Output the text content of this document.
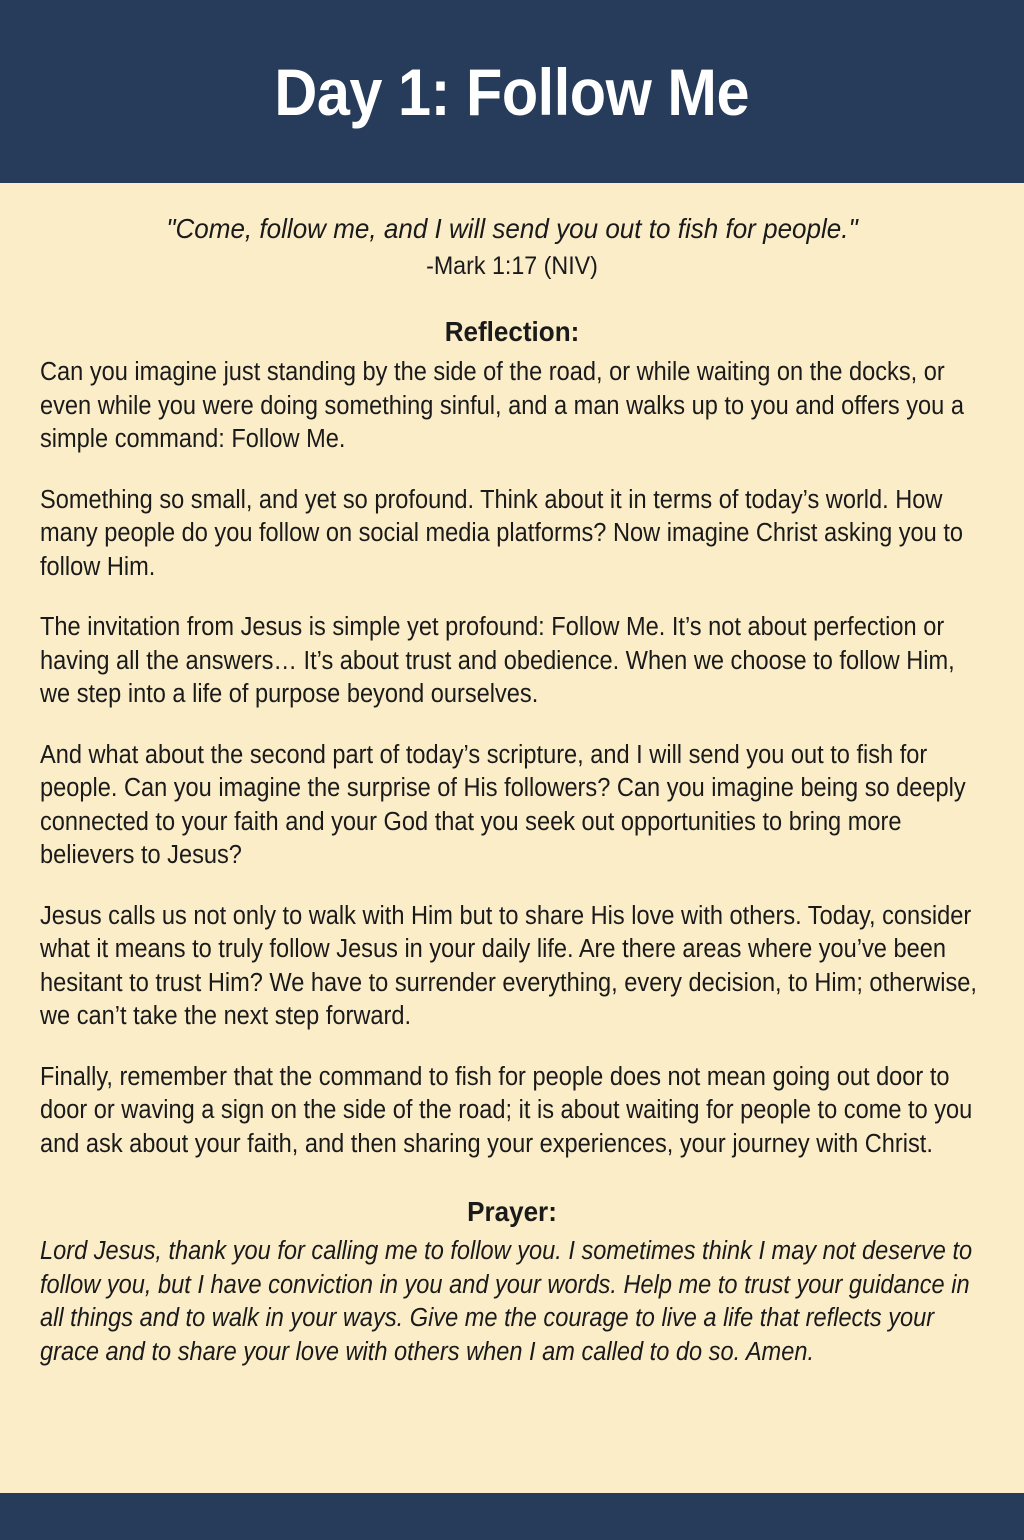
Day 1: Follow Me

"Come, follow me, and I will send you out to fish for people."

-Mark 1:17 (NIV)

Reflection:

Can you imagine just standing by the side of the road, or while waiting on the docks, or even while you were doing something sinful, and a man walks up to you and offers you a simple command: Follow Me.

Something so small, and yet so profound. Think about it in terms of today’s world. How many people do you follow on social media platforms? Now imagine Christ asking you to follow Him.

The invitation from Jesus is simple yet profound: Follow Me. It’s not about perfection or having all the answers… It’s about trust and obedience. When we choose to follow Him, we step into a life of purpose beyond ourselves.

And what about the second part of today’s scripture, and I will send you out to fish for people. Can you imagine the surprise of His followers? Can you imagine being so deeply connected to your faith and your God that you seek out opportunities to bring more believers to Jesus?

Jesus calls us not only to walk with Him but to share His love with others. Today, consider what it means to truly follow Jesus in your daily life. Are there areas where you’ve been hesitant to trust Him? We have to surrender everything, every decision, to Him; otherwise, we can’t take the next step forward.

Finally, remember that the command to fish for people does not mean going out door to door or waving a sign on the side of the road; it is about waiting for people to come to you and ask about your faith, and then sharing your experiences, your journey with Christ.

Prayer:

Lord Jesus, thank you for calling me to follow you. I sometimes think I may not deserve to follow you, but I have conviction in you and your words. Help me to trust your guidance in all things and to walk in your ways. Give me the courage to live a life that reflects your grace and to share your love with others when I am called to do so. Amen.
